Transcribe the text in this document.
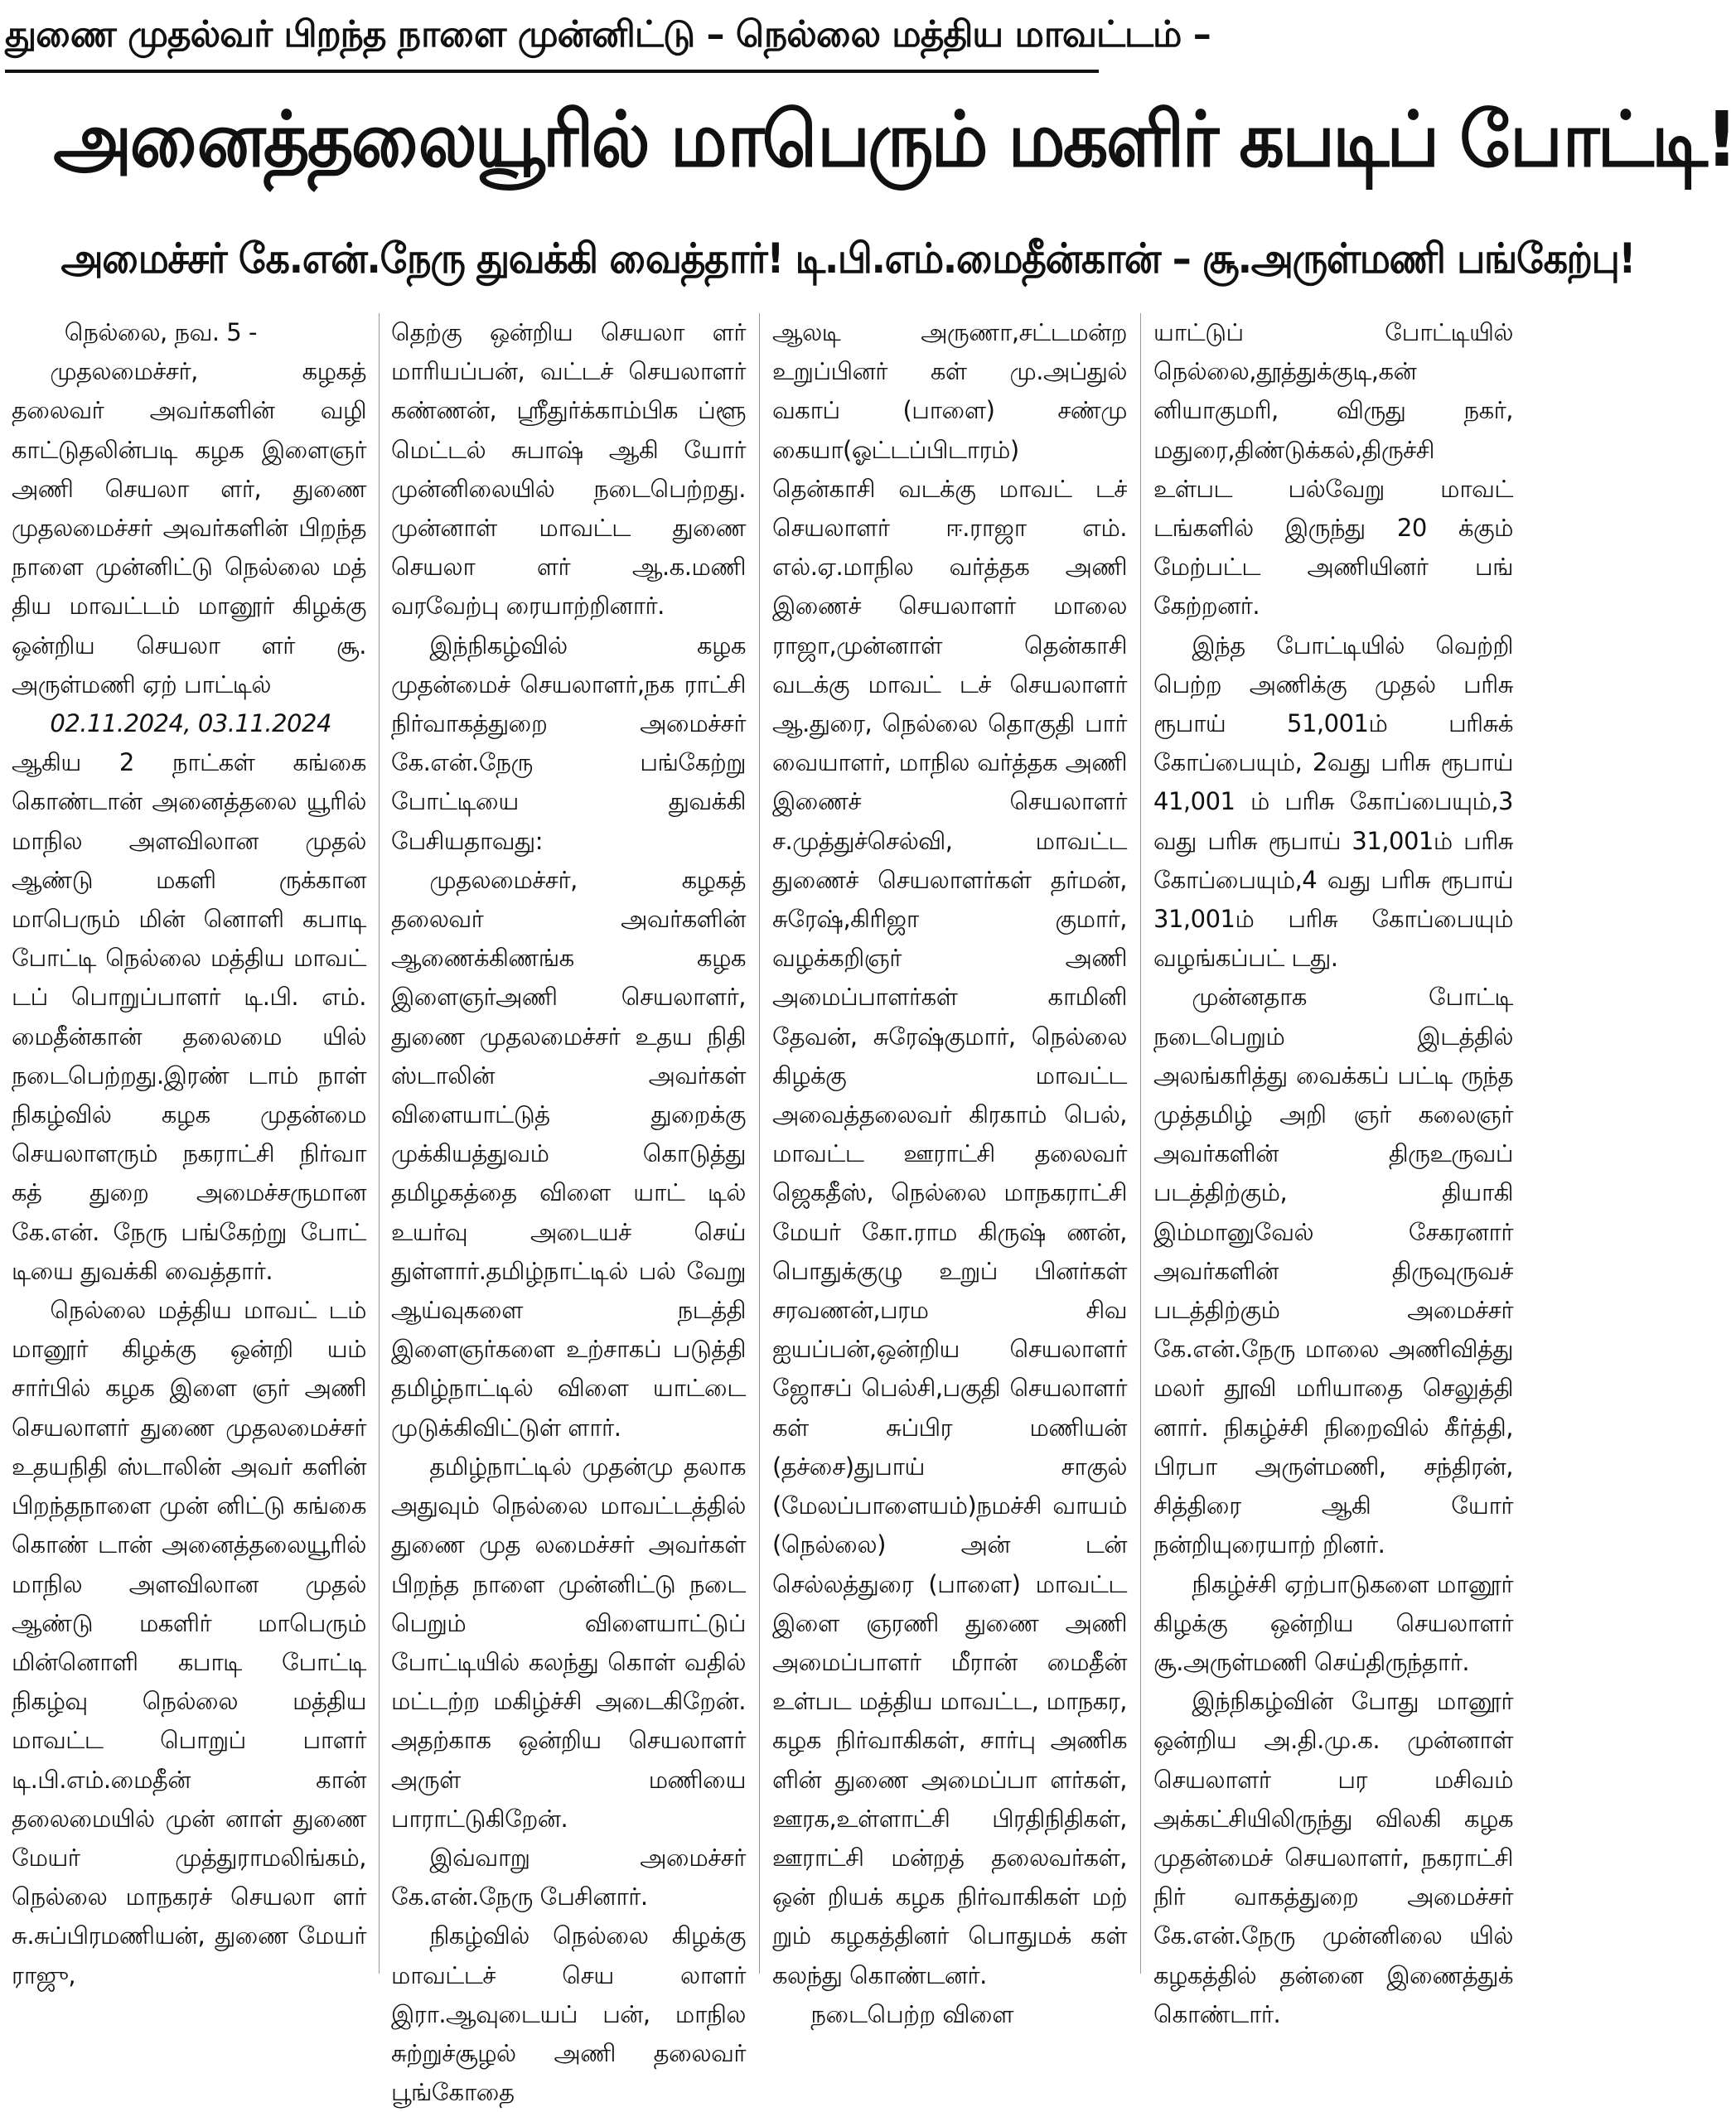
துணை முதல்வர் பிறந்த நாளை முன்னிட்டு – நெல்லை மத்திய மாவட்டம் –
அனைத்தலையூரில் மாபெரும் மகளிர் கபடிப் போட்டி!
அமைச்சர் கே.என்.நேரு துவக்கி வைத்தார்! டி.பி.எம்.மைதீன்கான் – சூ.அருள்மணி பங்கேற்பு!

நெல்லை, நவ. 5 -

முதலமைச்சர், கழகத் தலைவர் அவர்களின் வழி காட்டுதலின்படி கழக இளைஞர் அணி செயலா ளர், துணை முதலமைச்சர் அவர்களின் பிறந்த நாளை முன்னிட்டு நெல்லை மத் திய மாவட்டம் மானூர் கிழக்கு ஒன்றிய செயலா ளர் சூ. அருள்மணி ஏற் பாட்டில்

02.11.2024, 03.11.2024

ஆகிய 2 நாட்கள் கங்கை கொண்டான் அனைத்தலை யூரில் மாநில அளவிலான முதல் ஆண்டு மகளி ருக்கான மாபெரும் மின் னொளி கபாடி போட்டி நெல்லை மத்திய மாவட் டப் பொறுப்பாளர் டி.பி. எம். மைதீன்கான் தலைமை யில் நடைபெற்றது.இரண் டாம் நாள் நிகழ்வில் கழக முதன்மை செயலாளரும் நகராட்சி நிர்வா கத் துறை அமைச்சருமான கே.என். நேரு பங்கேற்று போட் டியை துவக்கி வைத்தார்.

நெல்லை மத்திய மாவட் டம் மானூர் கிழக்கு ஒன்றி யம் சார்பில் கழக இளை ஞர் அணி செயலாளர் துணை முதலமைச்சர் உதயநிதி ஸ்டாலின் அவர் களின் பிறந்தநாளை முன் னிட்டு கங்கை கொண் டான் அனைத்தலையூரில் மாநில அளவிலான முதல் ஆண்டு மகளிர் மாபெரும் மின்னொளி கபாடி போட்டி நிகழ்வு நெல்லை மத்திய மாவட்ட பொறுப் பாளர் டி.பி.எம்.மைதீன் கான் தலைமையில் முன் னாள் துணை மேயர் முத்துராமலிங்கம், நெல்லை மாநகரச் செயலா ளர் சு.சுப்பிரமணியன், துணை மேயர் ராஜு,

தெற்கு ஒன்றிய செயலா ளர் மாரியப்பன், வட்டச் செயலாளர் கண்ணன், ஸ்ரீதுர்க்காம்பிக ப்ளூ மெட்டல் சுபாஷ் ஆகி யோர் முன்னிலையில் நடைபெற்றது. முன்னாள் மாவட்ட துணை செயலா ளர் ஆ.க.மணி வரவேற்பு ரையாற்றினார்.

இந்நிகழ்வில் கழக முதன்மைச் செயலாளர்,நக ராட்சி நிர்வாகத்துறை அமைச்சர் கே.என்.நேரு பங்கேற்று போட்டியை துவக்கி பேசியதாவது:

முதலமைச்சர், கழகத் தலைவர் அவர்களின் ஆணைக்கிணங்க கழக இளைஞர்அணி செயலாளர், துணை முதலமைச்சர் உதய நிதி ஸ்டாலின் அவர்கள் விளையாட்டுத் துறைக்கு முக்கியத்துவம் கொடுத்து தமிழகத்தை விளை யாட் டில் உயர்வு அடையச் செய் துள்ளார்.தமிழ்நாட்டில் பல் வேறு ஆய்வுகளை நடத்தி இளைஞர்களை உற்சாகப் படுத்தி தமிழ்நாட்டில் விளை யாட்டை முடுக்கிவிட்டுள் ளார்.

தமிழ்நாட்டில் முதன்மு தலாக அதுவும் நெல்லை மாவட்டத்தில் துணை முத லமைச்சர் அவர்கள் பிறந்த நாளை முன்னிட்டு நடை பெறும் விளையாட்டுப் போட்டியில் கலந்து கொள் வதில் மட்டற்ற மகிழ்ச்சி அடைகிறேன். அதற்காக ஒன்றிய செயலாளர் அருள் மணியை பாராட்டுகிறேன்.

இவ்வாறு அமைச்சர் கே.என்.நேரு பேசினார்.

நிகழ்வில் நெல்லை கிழக்கு மாவட்டச் செய லாளர் இரா.ஆவுடையப் பன், மாநில சுற்றுச்சூழல் அணி தலைவர் பூங்கோதை

ஆலடி அருணா,சட்டமன்ற உறுப்பினர் கள் மு.அப்துல் வகாப் (பாளை) சண்மு கையா(ஓட்டப்பிடாரம்) தென்காசி வடக்கு மாவட் டச் செயலாளர் ஈ.ராஜா எம். எல்.ஏ.மாநில வர்த்தக அணி இணைச் செயலாளர் மாலை ராஜா,முன்னாள் தென்காசி வடக்கு மாவட் டச் செயலாளர் ஆ.துரை, நெல்லை தொகுதி பார் வையாளர், மாநில வர்த்தக அணி இணைச் செயலாளர் ச.முத்துச்செல்வி, மாவட்ட துணைச் செயலாளர்கள் தர்மன், சுரேஷ்,கிரிஜா குமார், வழக்கறிஞர் அணி அமைப்பாளர்கள் காமினி தேவன், சுரேஷ்குமார், நெல்லை கிழக்கு மாவட்ட அவைத்தலைவர் கிரகாம் பெல், மாவட்ட ஊராட்சி தலைவர் ஜெகதீஸ், நெல்லை மாநகராட்சி மேயர் கோ.ராம கிருஷ் ணன், பொதுக்குழு உறுப் பினர்கள் சரவணன்,பரம சிவ ஐயப்பன்,ஒன்றிய செயலாளர் ஜோசப் பெல்சி,பகுதி செயலாளர் கள் சுப்பிர மணியன் (தச்சை)துபாய் சாகுல் (மேலப்பாளையம்)நமச்சி வாயம் (நெல்லை) அன் டன் செல்லத்துரை (பாளை) மாவட்ட இளை ஞரணி துணை அணி அமைப்பாளர் மீரான் மைதீன் உள்பட மத்திய மாவட்ட, மாநகர, கழக நிர்வாகிகள், சார்பு அணிக ளின் துணை அமைப்பா ளர்கள், ஊரக,உள்ளாட்சி பிரதிநிதிகள், ஊராட்சி மன்றத் தலைவர்கள், ஒன் றியக் கழக நிர்வாகிகள் மற் றும் கழகத்தினர் பொதுமக் கள் கலந்து கொண்டனர்.

நடைபெற்ற விளை

யாட்டுப் போட்டியில் நெல்லை,தூத்துக்குடி,கன் னியாகுமரி, விருது நகர், மதுரை,திண்டுக்கல்,திருச்சி உள்பட பல்வேறு மாவட் டங்களில் இருந்து 20 க்கும் மேற்பட்ட அணியினர் பங் கேற்றனர்.

இந்த போட்டியில் வெற்றி பெற்ற அணிக்கு முதல் பரிசு ரூபாய் 51,001ம் பரிசுக் கோப்பையும், 2வது பரிசு ரூபாய் 41,001 ம் பரிசு கோப்பையும்,3 வது பரிசு ரூபாய் 31,001ம் பரிசு கோப்பையும்,4 வது பரிசு ரூபாய் 31,001ம் பரிசு கோப்பையும் வழங்கப்பட் டது.

முன்னதாக போட்டி நடைபெறும் இடத்தில் அலங்கரித்து வைக்கப் பட்டி ருந்த முத்தமிழ் அறி ஞர் கலைஞர் அவர்களின் திருஉருவப் படத்திற்கும், தியாகி இம்மானுவேல் சேகரனார் அவர்களின் திருவுருவச் படத்திற்கும் அமைச்சர் கே.என்.நேரு மாலை அணிவித்து மலர் தூவி மரியாதை செலுத்தி னார். நிகழ்ச்சி நிறைவில் கீர்த்தி, பிரபா அருள்மணி, சந்திரன், சித்திரை ஆகி யோர் நன்றியுரையாற் றினர்.

நிகழ்ச்சி ஏற்பாடுகளை மானூர் கிழக்கு ஒன்றிய செயலாளர் சூ.அருள்மணி செய்திருந்தார்.

இந்நிகழ்வின் போது மானூர் ஒன்றிய அ.தி.மு.க. முன்னாள் செயலாளர் பர மசிவம் அக்கட்சியிலிருந்து விலகி கழக முதன்மைச் செயலாளர், நகராட்சி நிர் வாகத்துறை அமைச்சர் கே.என்.நேரு முன்னிலை யில் கழகத்தில் தன்னை இணைத்துக் கொண்டார்.
